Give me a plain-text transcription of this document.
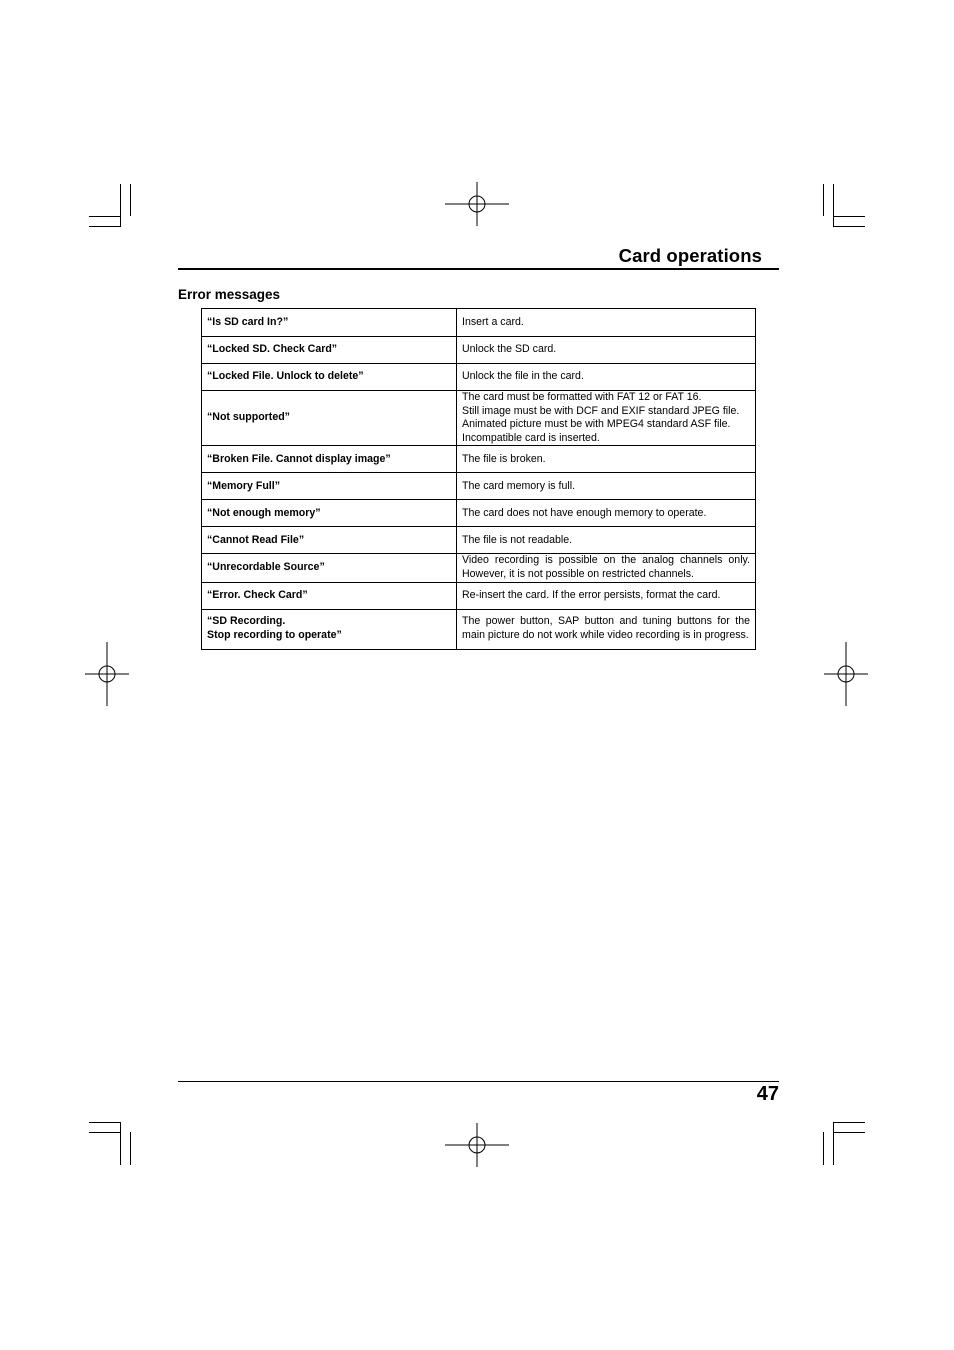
Card operations
Error messages
“Is SD card In?”	Insert a card.
“Locked SD. Check Card”	Unlock the SD card.
“Locked File. Unlock to delete”	Unlock the file in the card.
“Not supported”	The card must be formatted with FAT 12 or FAT 16.
Still image must be with DCF and EXIF standard JPEG file.
Animated picture must be with MPEG4 standard ASF file.
Incompatible card is inserted.
“Broken File. Cannot display image”	The file is broken.
“Memory Full”	The card memory is full.
“Not enough memory”	The card does not have enough memory to operate.
“Cannot Read File”	The file is not readable.
“Unrecordable Source”	Video recording is possible on the analog channels only. However, it is not possible on restricted channels.

“Error. Check Card”	Re-insert the card. If the error persists, format the card.
“SD Recording.
Stop recording to operate”	The power button, SAP button and tuning buttons for the main picture do not work while video recording is in progress.
47
